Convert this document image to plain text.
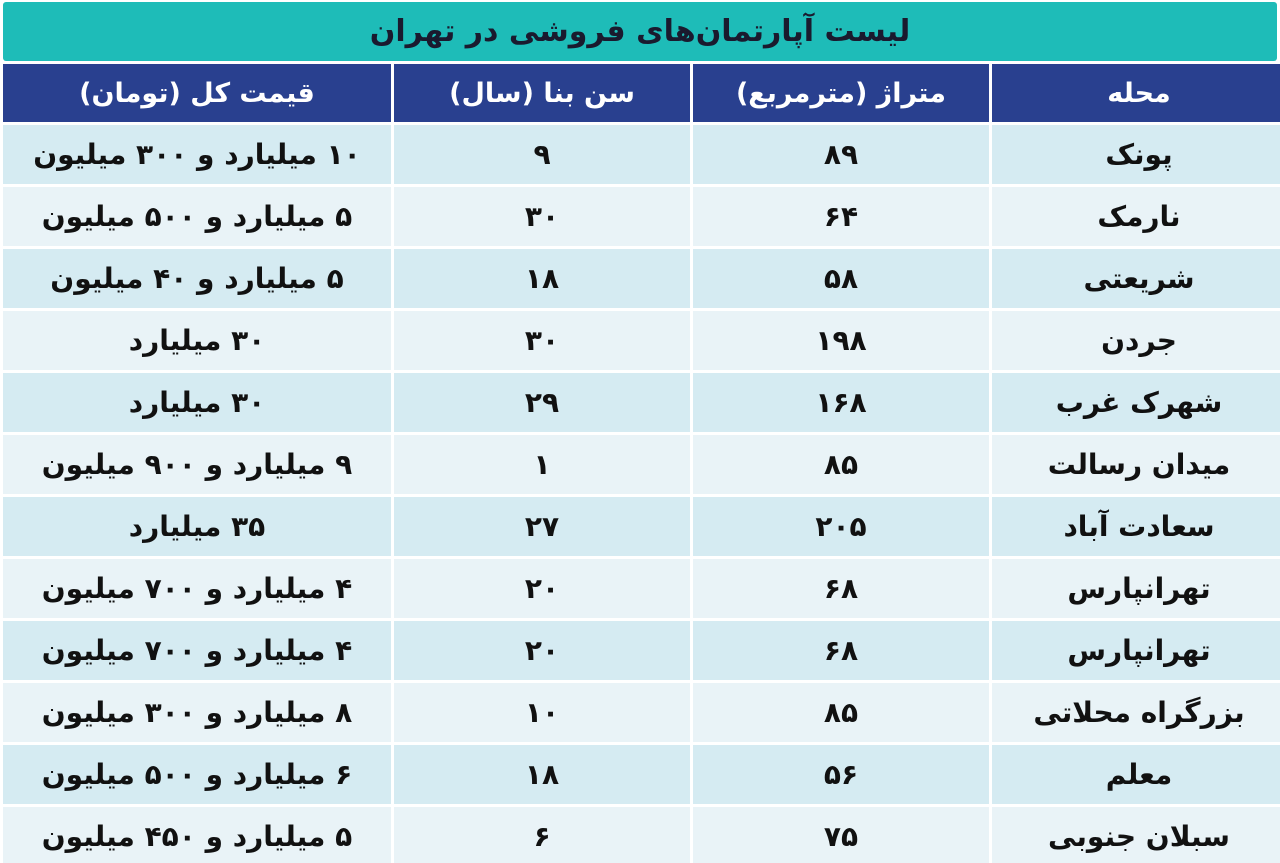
لیست آپارتمان‌های فروشی در تهران
محله	متراژ (مترمربع)	سن بنا (سال)	قیمت کل (تومان)
پونک	۸۹	۹	۱۰ میلیارد و ۳۰۰ میلیون
نارمک	۶۴	۳۰	۵ میلیارد و ۵۰۰ میلیون
شریعتی	۵۸	۱۸	۵ میلیارد و ۴۰ میلیون
جردن	۱۹۸	۳۰	۳۰ میلیارد
شهرک غرب	۱۶۸	۲۹	۳۰ میلیارد
میدان رسالت	۸۵	۱	۹ میلیارد و ۹۰۰ میلیون
سعادت آباد	۲۰۵	۲۷	۳۵ میلیارد
تهرانپارس	۶۸	۲۰	۴ میلیارد و ۷۰۰ میلیون
تهرانپارس	۶۸	۲۰	۴ میلیارد و ۷۰۰ میلیون
بزرگراه محلاتی	۸۵	۱۰	۸ میلیارد و ۳۰۰ میلیون
معلم	۵۶	۱۸	۶ میلیارد و ۵۰۰ میلیون
سبلان جنوبی	۷۵	۶	۵ میلیارد و ۴۵۰ میلیون
